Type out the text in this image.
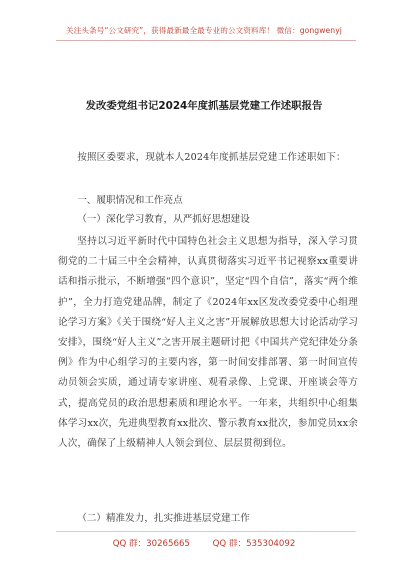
关注头条号“公文研究”，获得最新最全最专业的公文资料库！ 微信：gongwenyj
发改委党组书记2024年度抓基层党建工作述职报告

按照区委要求，现就本人2024年度抓基层党建工作述职如下：

一、履职情况和工作亮点

（一）深化学习教育，从严抓好思想建设

坚持以习近平新时代中国特色社会主义思想为指导，深入学习贯彻党的二十届三中全会精神，认真贯彻落实习近平书记视察xx重要讲话和指示批示，不断增强“四个意识”，坚定“四个自信”，落实“两个维护”，全力打造党建品牌，制定了《2024年xx区发改委党委中心组理论学习方案》《关于围绕“好人主义之害”开展解放思想大讨论活动学习安排》，围绕“好人主义”之害开展主题研讨把《中国共产党纪律处分条例》作为中心组学习的主要内容，第一时间安排部署、第一时间宣传动员领会实质，通过请专家讲座、观看录像、上党课、开座谈会等方式，提高党员的政治思想素质和理论水平。一年来，共组织中心组集体学习xx次，先进典型教育xx批次、警示教育xx批次，参加党员xx余人次，确保了上级精神人人领会到位、层层贯彻到位。

（二）精准发力，扎实推进基层党建工作

QQ 群：30265665	QQ 群：535304092
